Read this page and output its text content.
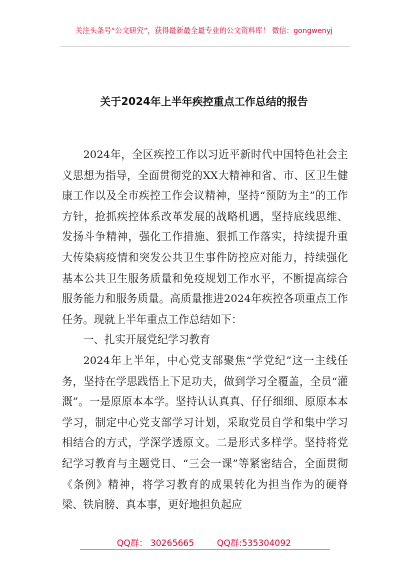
关注头条号“公文研究”，获得最新最全最专业的公文资料库！ 微信：gongwenyj
关于2024年上半年疾控重点工作总结的报告

2024年，全区疾控工作以习近平新时代中国特色社会主义思想为指导，全面贯彻党的XX大精神和省、市、区卫生健康工作以及全市疾控工作会议精神，坚持“预防为主”的工作方针，抢抓疾控体系改革发展的战略机遇，坚持底线思维、发扬斗争精神，强化工作措施、狠抓工作落实，持续提升重大传染病疫情和突发公共卫生事件防控应对能力，持续强化基本公共卫生服务质量和免疫规划工作水平，不断提高综合服务能力和服务质量。高质量推进2024年疾控各项重点工作任务。现就上半年重点工作总结如下：

一、扎实开展党纪学习教育

2024年上半年，中心党支部聚焦“学党纪”这一主线任务，坚持在学思践悟上下足功夫，做到学习全覆盖，全员“灌溉”。一是原原本本学。坚持认认真真、仔仔细细、原原本本学习，制定中心党支部学习计划，采取党员自学和集中学习相结合的方式，学深学透原文。二是形式多样学。坚持将党纪学习教育与主题党日、“三会一课”等紧密结合，全面贯彻《条例》精神，将学习教育的成果转化为担当作为的硬脊梁、铁肩膀、真本事，更好地担负起应

QQ群： 30265665	QQ群:535304092
